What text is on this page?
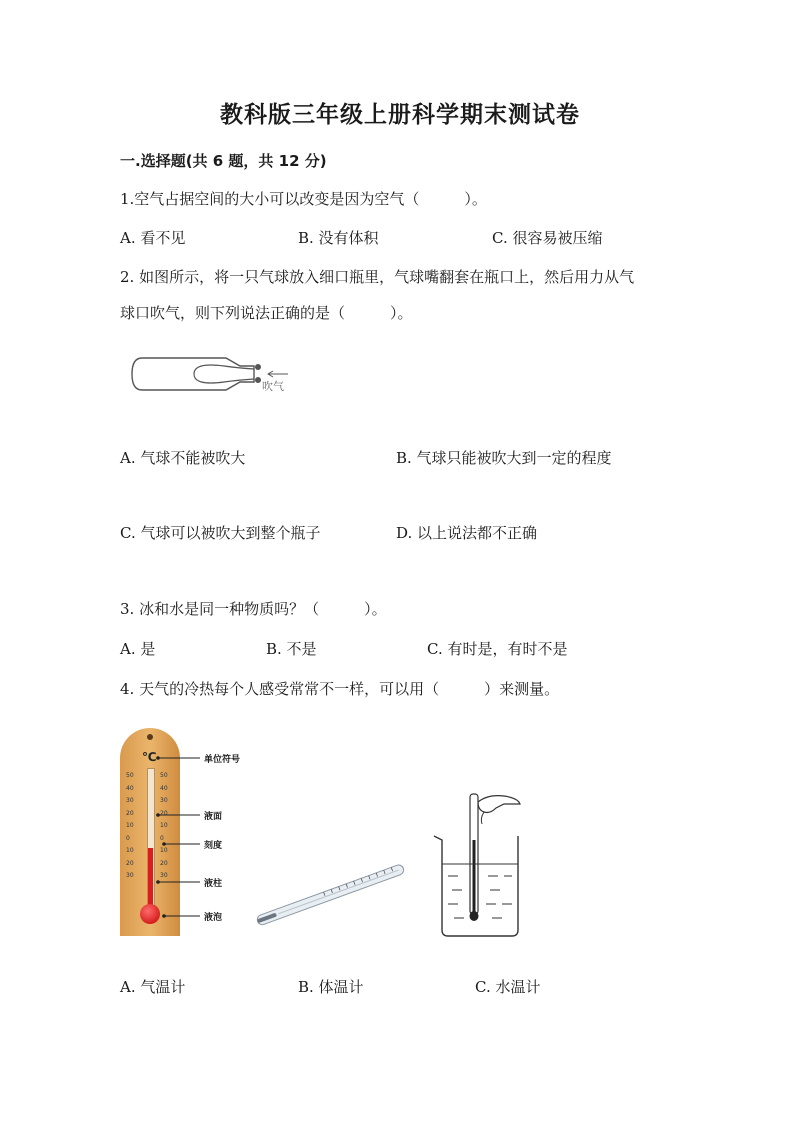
教科版三年级上册科学期末测试卷
一.选择题(共 6 题，共 12 分)
1.空气占据空间的大小可以改变是因为空气（　　　）。
A. 看不见	B. 没有体积	C. 很容易被压缩
2. 如图所示，将一只气球放入细口瓶里，气球嘴翻套在瓶口上，然后用力从气
球口吹气，则下列说法正确的是（　　　）。
吹气
A. 气球不能被吹大	B. 气球只能被吹大到一定的程度
C. 气球可以被吹大到整个瓶子	D. 以上说法都不正确
3. 冰和水是同一种物质吗？（　　　）。
A. 是	B. 不是	C. 有时是，有时不是
4. 天气的冷热每个人感受常常不一样，可以用（　　　）来测量。
℃
50
40
30
20
10
0
10
20
30
50
40
30
20
10
0
10
20
30
单位符号
液面
刻度
液柱
液泡
A. 气温计	B. 体温计	C. 水温计
